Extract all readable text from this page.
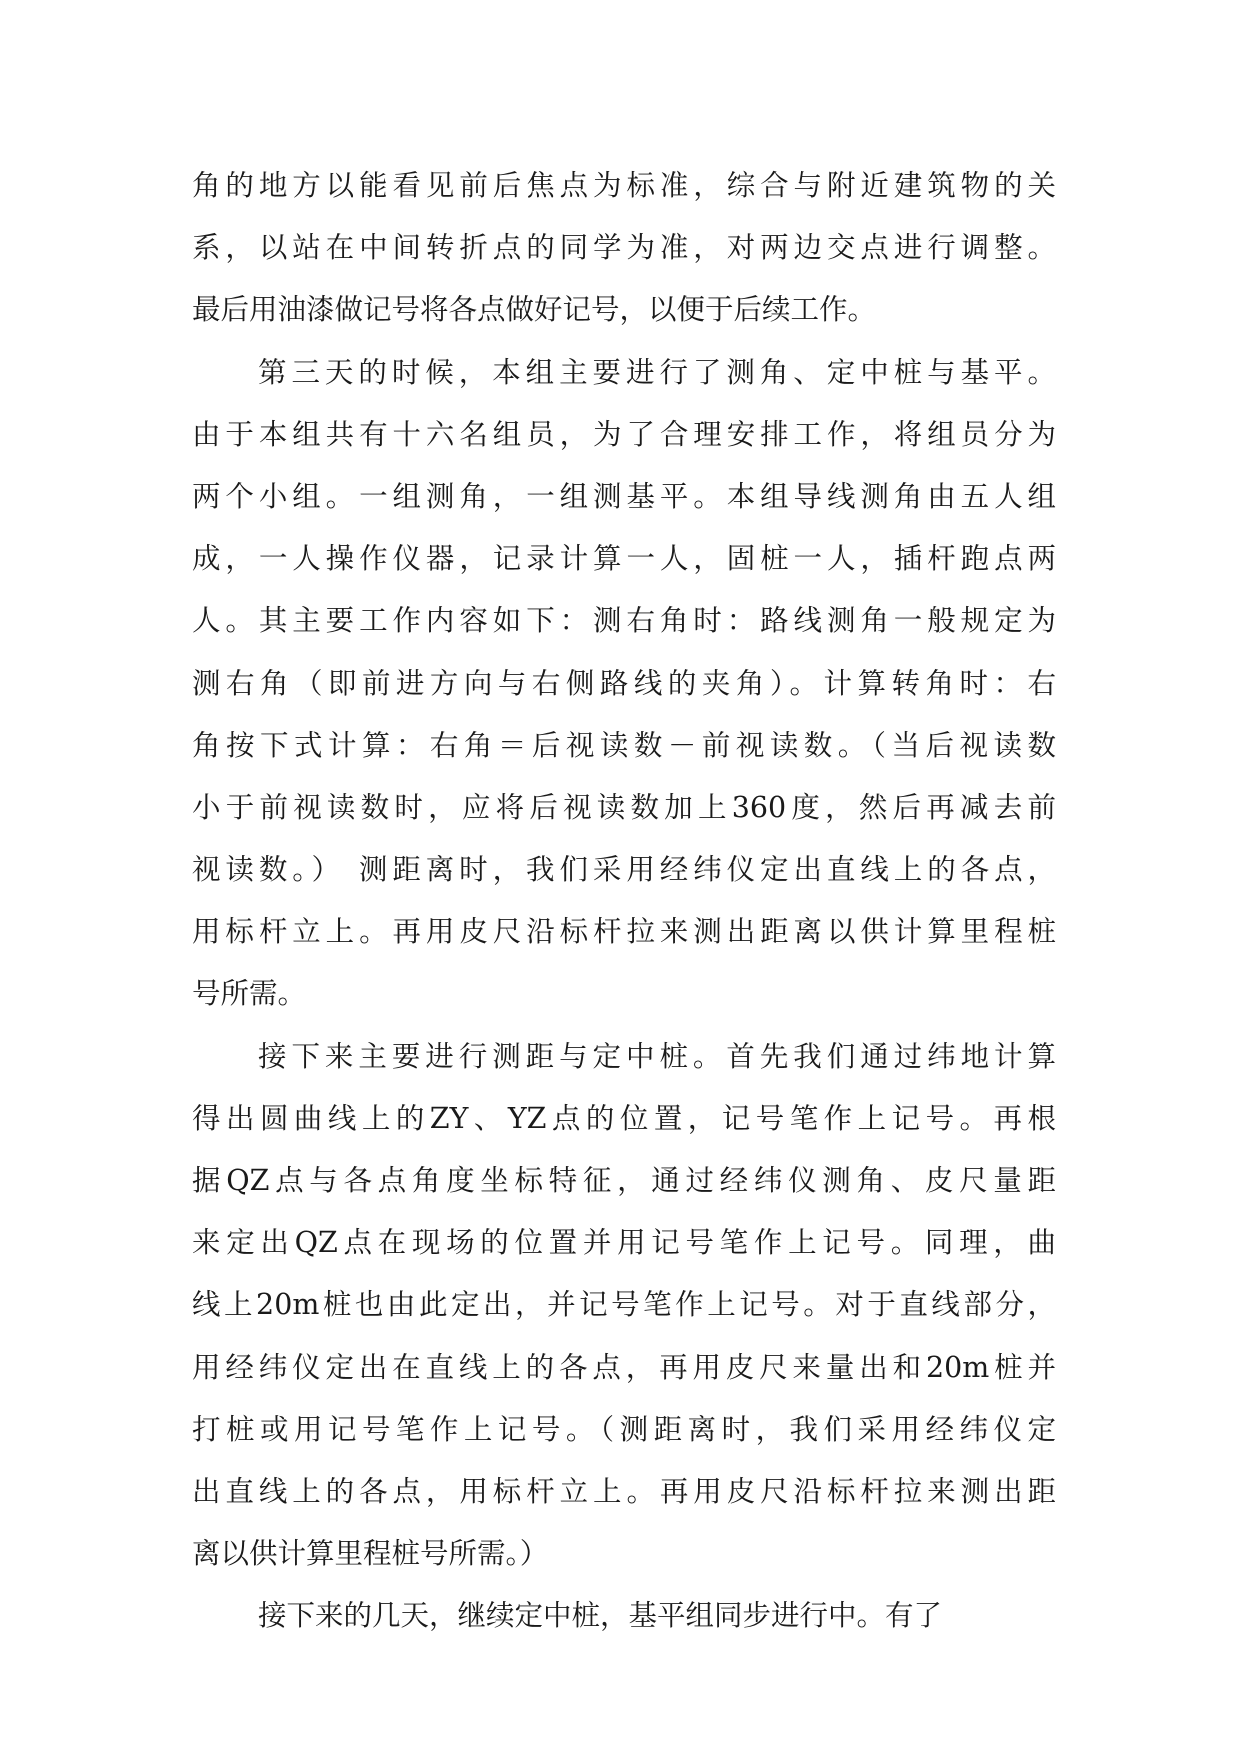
角的地方以能看见前后焦点为标准，综合与附近建筑物的关
系，以站在中间转折点的同学为准，对两边交点进行调整。
最后用油漆做记号将各点做好记号，以便于后续工作。
第三天的时候，本组主要进行了测角、定中桩与基平。
由于本组共有十六名组员，为了合理安排工作，将组员分为
两个小组。一组测角，一组测基平。本组导线测角由五人组
成，一人操作仪器，记录计算一人，固桩一人，插杆跑点两
人。其主要工作内容如下：测右角时：路线测角一般规定为
测右角（即前进方向与右侧路线的夹角）。计算转角时：右
角按下式计算：右角＝后视读数－前视读数。（当后视读数
小于前视读数时，应将后视读数加上360度，然后再减去前
视读数。） 测距离时，我们采用经纬仪定出直线上的各点，
用标杆立上。再用皮尺沿标杆拉来测出距离以供计算里程桩
号所需。
接下来主要进行测距与定中桩。首先我们通过纬地计算
得出圆曲线上的ZY、YZ点的位置，记号笔作上记号。再根
据QZ点与各点角度坐标特征，通过经纬仪测角、皮尺量距
来定出QZ点在现场的位置并用记号笔作上记号。同理，曲
线上20m桩也由此定出，并记号笔作上记号。对于直线部分，
用经纬仪定出在直线上的各点，再用皮尺来量出和20m桩并
打桩或用记号笔作上记号。（测距离时，我们采用经纬仪定
出直线上的各点，用标杆立上。再用皮尺沿标杆拉来测出距
离以供计算里程桩号所需。）
接下来的几天，继续定中桩，基平组同步进行中。有了
